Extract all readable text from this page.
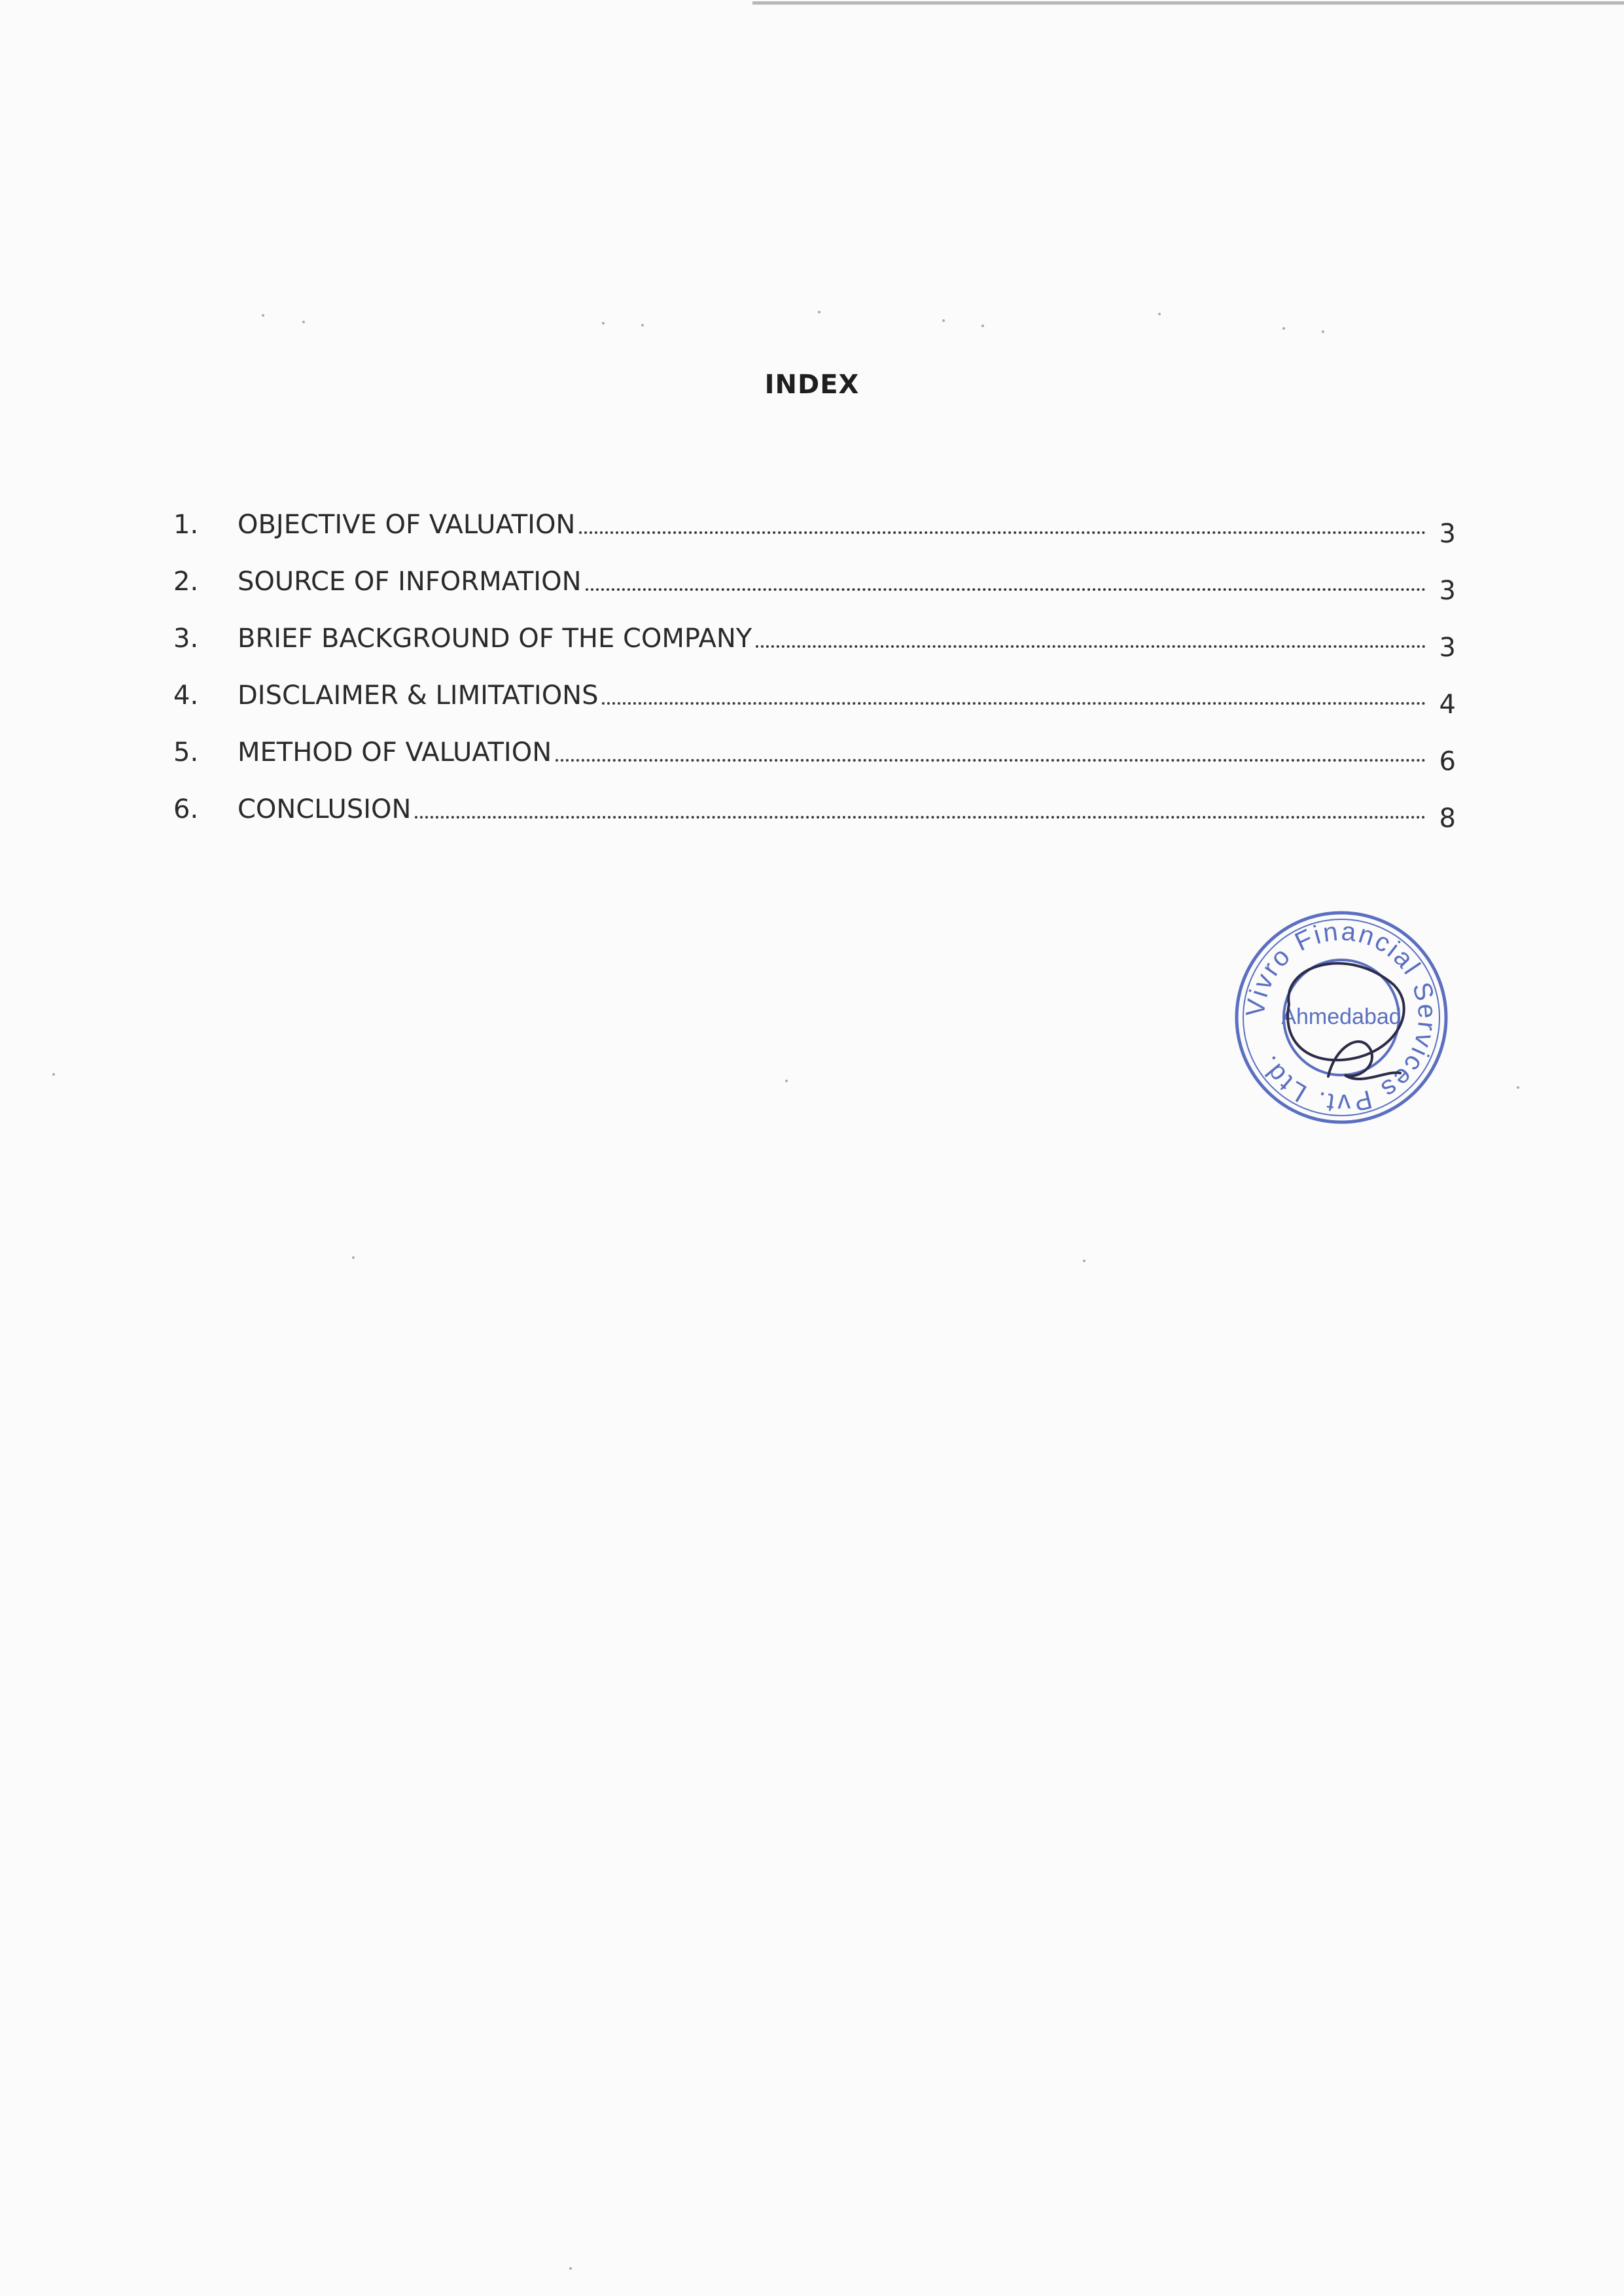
INDEX
1.	OBJECTIVE OF VALUATION	3
2.	SOURCE OF INFORMATION	3
3.	BRIEF BACKGROUND OF THE COMPANY	3
4.	DISCLAIMER & LIMITATIONS	4
5.	METHOD OF VALUATION	6
6.	CONCLUSION	8
Vivro Financial Services Pvt. Ltd.
Ahmedabad
